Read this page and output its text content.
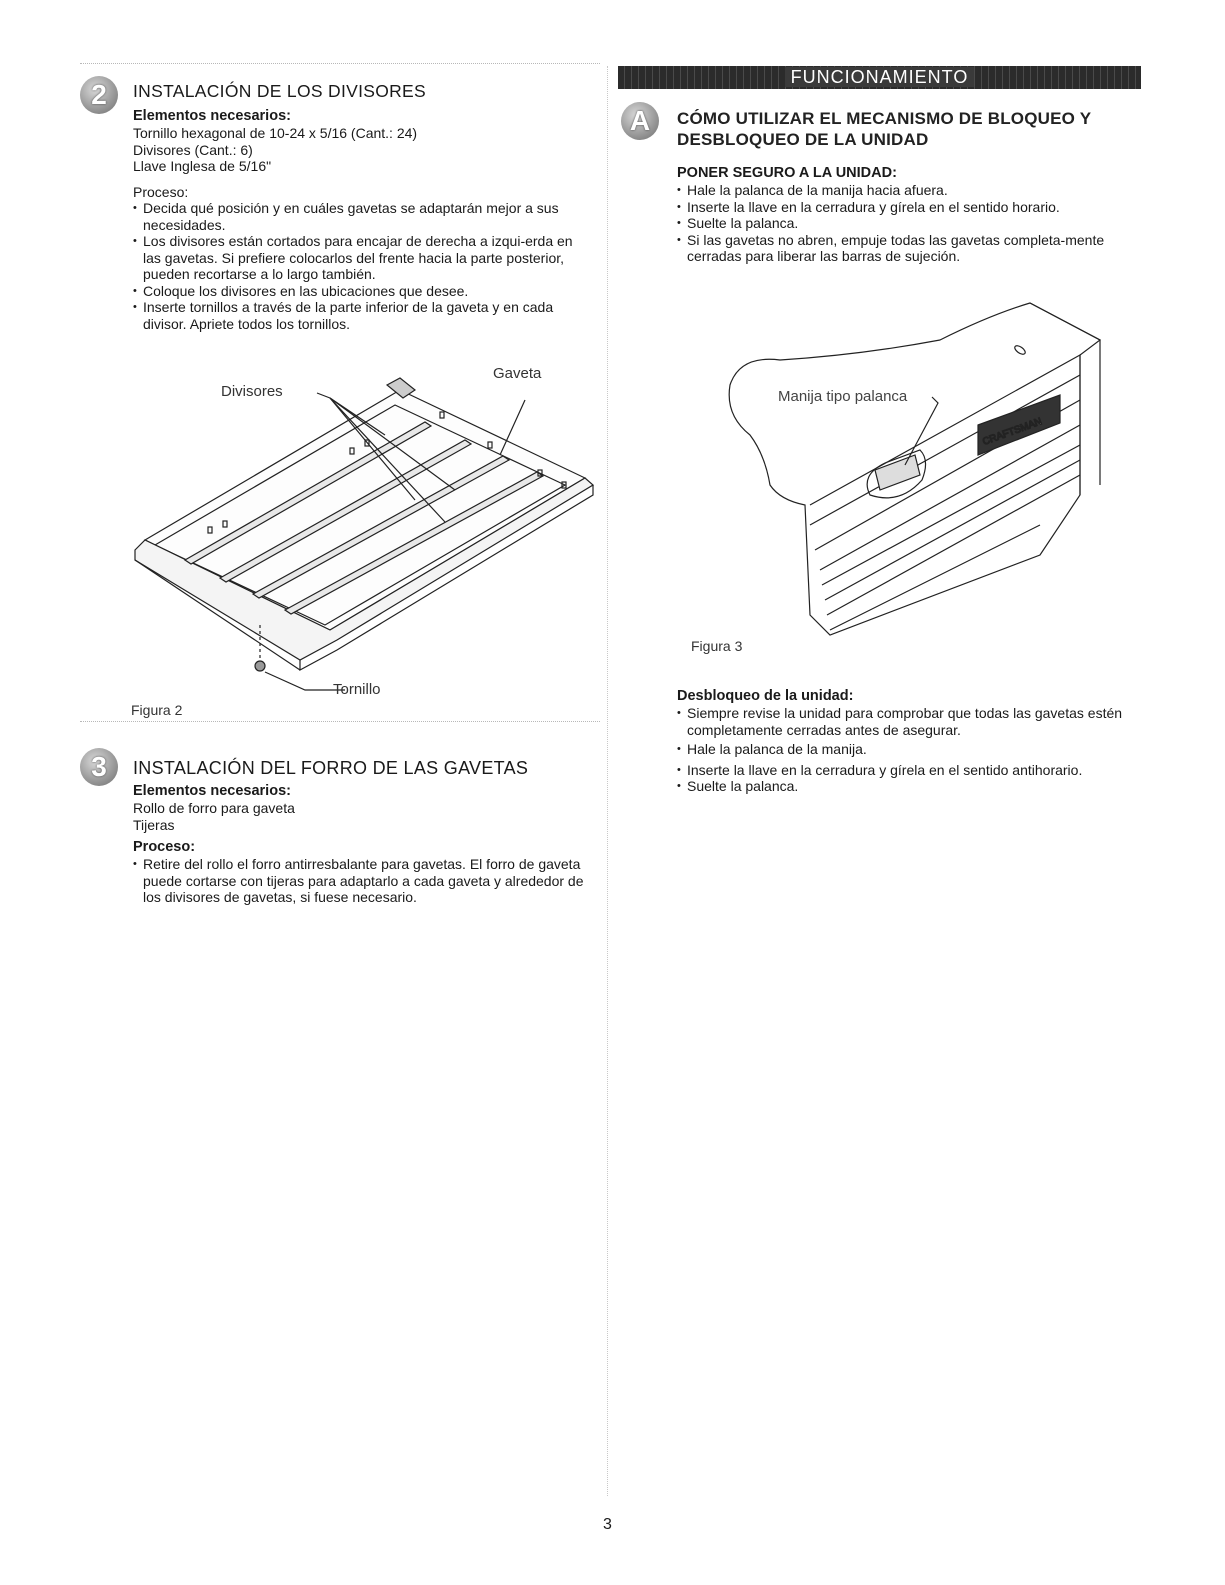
2	INSTALACIÓN DE LOS DIVISORES
Elementos necesarios:
Tornillo hexagonal de 10-24 x 5/16 (Cant.: 24)
Divisores (Cant.: 6)
Llave Inglesa de 5/16"
Proceso:
• Decida qué posición y en cuáles gavetas se adaptarán mejor a sus necesidades.
• Los divisores están cortados para encajar de derecha a izqui-erda en las gavetas. Si prefiere colocarlos del frente hacia la parte posterior, pueden recortarse a lo largo también.
• Coloque los divisores en las ubicaciones que desee.
• Inserte tornillos a través de la parte inferior de la gaveta y en cada divisor. Apriete todos los tornillos.
Divisores
Gaveta
Tornillo
Figura 2
3	INSTALACIÓN DEL FORRO DE LAS GAVETAS
Elementos necesarios:
Rollo de forro para gaveta
Tijeras
Proceso:
• Retire del rollo el forro antirresbalante para gavetas. El forro de gaveta puede cortarse con tijeras para adaptarlo a cada gaveta y alrededor de los divisores de gavetas, si fuese necesario.
FUNCIONAMIENTO
A	CÓMO UTILIZAR EL MECANISMO DE BLOQUEO Y
DESBLOQUEO DE LA UNIDAD
PONER SEGURO A LA UNIDAD:
• Hale la palanca de la manija hacia afuera.
• Inserte la llave en la cerradura y gírela en el sentido horario.
• Suelte la palanca.
• Si las gavetas no abren, empuje todas las gavetas completa-mente cerradas para liberar las barras de sujeción.
CRAFTSMAN
Manija tipo palanca
Figura 3
Desbloqueo de la unidad:
• Siempre revise la unidad para comprobar que todas las gavetas estén completamente cerradas antes de asegurar.
• Hale la palanca de la manija.
• Inserte la llave en la cerradura y gírela en el sentido antihorario.
• Suelte la palanca.
3
